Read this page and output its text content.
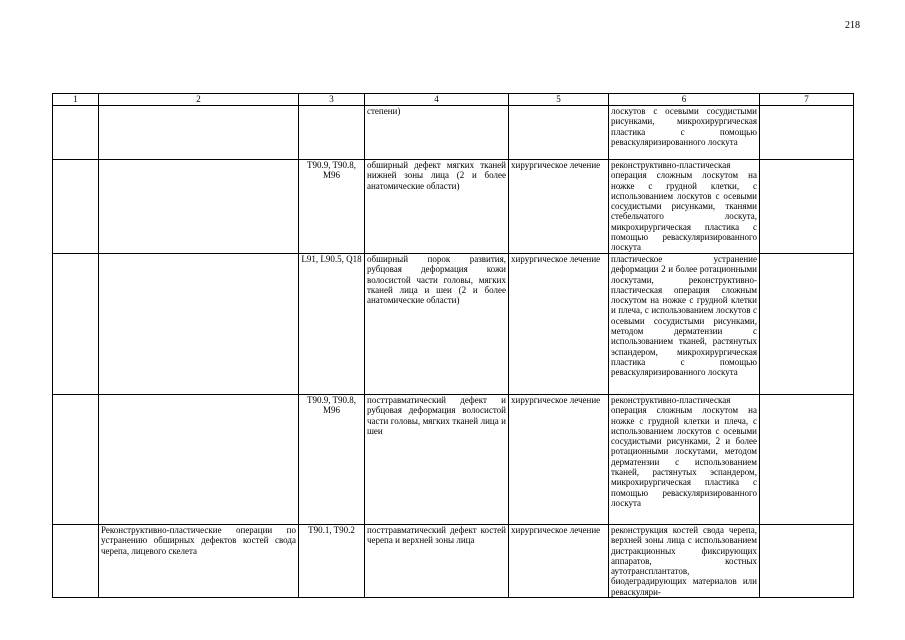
218
1	2	3	4	5	6	7
			степени)		лоскутов с осевыми сосудистыми рисунками, микрохирургическая пластика с помощью реваскуляризированного лоскута	
		T90.9, T90.8, M96	обширный дефект мягких тканей нижней зоны лица (2 и более анатомические области)	хирургическое лечение	реконструктивно-пластическая операция сложным лоскутом на ножке с грудной клетки, с использованием лоскутов с осевыми сосудистыми рисунками, тканями стебельчатого лоскута, микрохирургическая пластика с помощью реваскуляризированного лоскута	
		L91, L90.5, Q18	обширный порок развития, рубцовая деформация кожи волосистой части головы, мягких тканей лица и шеи (2 и более анатомические области)	хирургическое лечение	пластическое устранение деформации 2 и более ротационными лоскутами, реконструктивно-пластическая операция сложным лоскутом на ножке с грудной клетки и плеча, с использованием лоскутов с осевыми сосудистыми рисунками, методом дерматензии с использованием тканей, растянутых эспандером, микрохирургическая пластика с помощью реваскуляризированного лоскута	
		T90.9, T90.8, M96	посттравматический дефект и рубцовая деформация волосистой части головы, мягких тканей лица и шеи	хирургическое лечение	реконструктивно-пластическая операция сложным лоскутом на ножке с грудной клетки и плеча, с использованием лоскутов с осевыми сосудистыми рисунками, 2 и более ротационными лоскутами, методом дерматензии с использованием тканей, растянутых эспандером, микрохирургическая пластика с помощью реваскуляризированного лоскута	
	Реконструктивно-пластические операции по устранению обширных дефектов костей свода черепа, лицевого скелета	T90.1, T90.2	посттравматический дефект костей черепа и верхней зоны лица	хирургическое лечение	реконструкция костей свода черепа, верхней зоны лица с использованием дистракционных фиксирующих аппаратов, костных аутотрансплантатов, биодеградирующих материалов или реваскуляри-	
